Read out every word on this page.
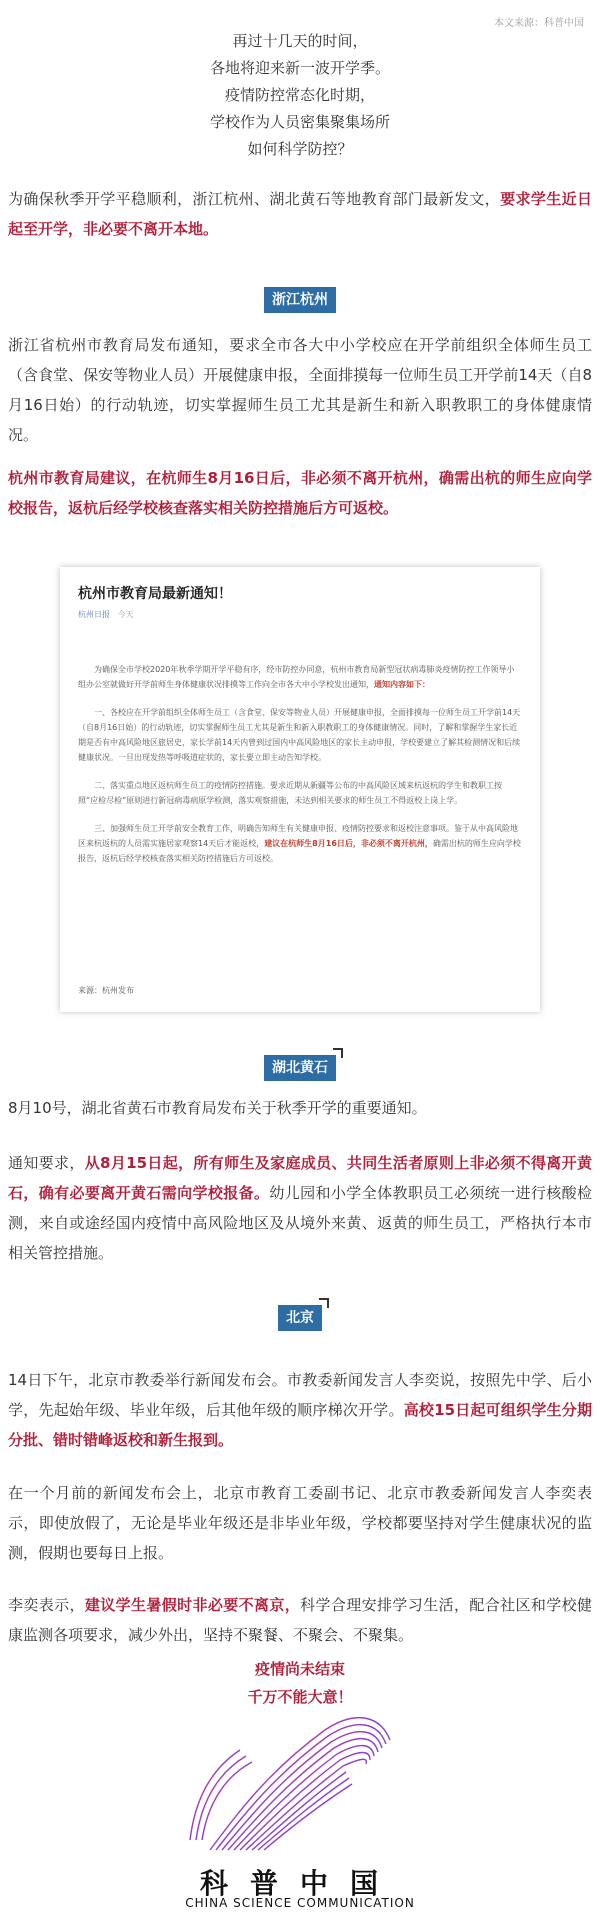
本文来源：科普中国
再过十几天的时间，
各地将迎来新一波开学季。
疫情防控常态化时期，
学校作为人员密集聚集场所
如何科学防控？
为确保秋季开学平稳顺利，浙江杭州、湖北黄石等地教育部门最新发文，要求学生近日起至开学，非必要不离开本地。
浙江杭州
浙江省杭州市教育局发布通知，要求全市各大中小学校应在开学前组织全体师生员工（含食堂、保安等物业人员）开展健康申报，全面排摸每一位师生员工开学前14天（自8月16日始）的行动轨迹，切实掌握师生员工尤其是新生和新入职教职工的身体健康情况。
杭州市教育局建议，在杭师生8月16日后，非必须不离开杭州，确需出杭的师生应向学校报告，返杭后经学校核查落实相关防控措施后方可返校。
杭州市教育局最新通知！
杭州日报 今天

为确保全市学校2020年秋季学期开学平稳有序，经市防控办同意，杭州市教育局新型冠状病毒肺炎疫情防控工作领导小组办公室就做好开学前师生身体健康状况排摸等工作向全市各大中小学校发出通知，通知内容如下：

一、各校应在开学前组织全体师生员工（含食堂、保安等物业人员）开展健康申报，全面排摸每一位师生员工开学前14天（自8月16日始）的行动轨迹，切实掌握师生员工尤其是新生和新入职教职工的身体健康情况。同时，了解和掌握学生家长近期是否有中高风险地区旅居史，家长学前14天内曾到过国内中高风险地区的家长主动申报，学校要建立了解其检测情况和后续健康状况。一旦出现发热等呼吸道症状的，家长要立即主动告知学校。

二、落实重点地区返杭师生员工的疫情防控措施。要求近期从新疆等公布的中高风险区域来杭返杭的学生和教职工按照“应检尽检”原则进行新冠病毒病原学检测，落实观察措施，未达到相关要求的师生员工不得返校上岗上学。

三、加强师生员工开学前安全教育工作，明确告知师生有关健康申报、疫情防控要求和返校注意事项。鉴于从中高风险地区来杭返杭的人员需实施居家观察14天后才能返校，建议在杭师生8月16日后，非必须不离开杭州，确需出杭的师生应向学校报告，返杭后经学校核查落实相关防控措施后方可返校。

来源：杭州发布
湖北黄石
8月10号，湖北省黄石市教育局发布关于秋季开学的重要通知。
通知要求，从8月15日起，所有师生及家庭成员、共同生活者原则上非必须不得离开黄石，确有必要离开黄石需向学校报备。幼儿园和小学全体教职员工必须统一进行核酸检测，来自或途经国内疫情中高风险地区及从境外来黄、返黄的师生员工，严格执行本市相关管控措施。
北京
14日下午，北京市教委举行新闻发布会。市教委新闻发言人李奕说，按照先中学、后小学，先起始年级、毕业年级，后其他年级的顺序梯次开学。高校15日起可组织学生分期分批、错时错峰返校和新生报到。
在一个月前的新闻发布会上，北京市教育工委副书记、北京市教委新闻发言人李奕表示，即使放假了，无论是毕业年级还是非毕业年级，学校都要坚持对学生健康状况的监测，假期也要每日上报。
李奕表示，建议学生暑假时非必要不离京，科学合理安排学习生活，配合社区和学校健康监测各项要求，减少外出，坚持不聚餐、不聚会、不聚集。
疫情尚未结束
千万不能大意！
科普中国
CHINA SCIENCE COMMUNICATION
